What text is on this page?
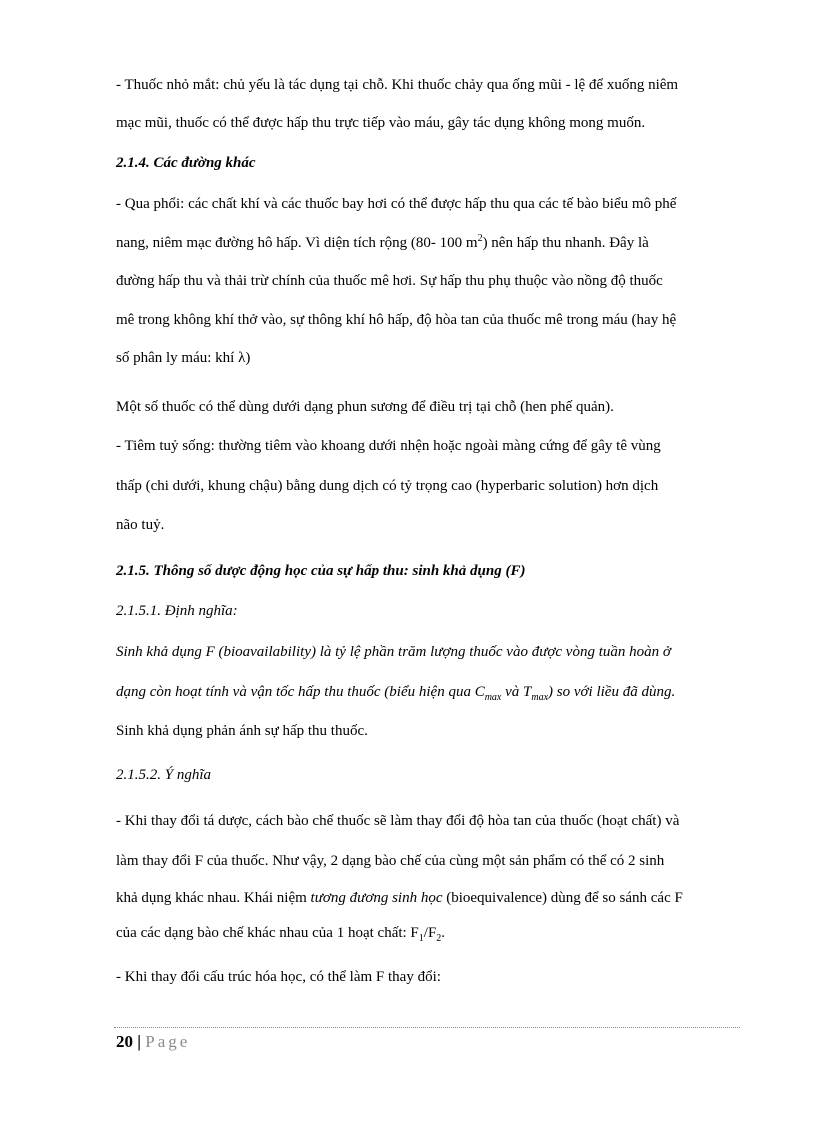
- Thuốc nhỏ mắt: chủ yếu là tác dụng tại chỗ. Khi thuốc chảy qua ống mũi - lệ để xuống niêm
mạc mũi, thuốc có thể được hấp thu trực tiếp vào máu, gây tác dụng không mong muốn.
2.1.4. Các đường khác
- Qua phổi: các chất khí và các thuốc bay hơi có thể được hấp thu qua các tế bào biểu mô phế
nang, niêm mạc đường hô hấp. Vì diện tích rộng (80- 100 $m^2$) nên hấp thu nhanh. Đây là
đường hấp thu và thải trừ chính của thuốc mê hơi. Sự hấp thu phụ thuộc vào nồng độ thuốc
mê trong không khí thở vào, sự thông khí hô hấp, độ hòa tan của thuốc mê trong máu (hay hệ
số phân ly máu: khí λ)
Một số thuốc có thể dùng dưới dạng phun sương để điều trị tại chỗ (hen phế quản).
- Tiêm tuỷ sống: thường tiêm vào khoang dưới nhện hoặc ngoài màng cứng để gây tê vùng
thấp (chi dưới, khung chậu) bằng dung dịch có tỷ trọng cao (hyperbaric solution) hơn dịch
não tuỷ.
2.1.5. Thông số dược động học của sự hấp thu: sinh khả dụng (F)
2.1.5.1. Định nghĩa:
Sinh khả dụng F (bioavailability) là tỷ lệ phần trăm lượng thuốc vào được vòng tuần hoàn ở
dạng còn hoạt tính và vận tốc hấp thu thuốc (biểu hiện qua $C_{max}$ và $T_{max}$) so với liều đã dùng.
Sinh khả dụng phản ánh sự hấp thu thuốc.
2.1.5.2. Ý nghĩa
- Khi thay đổi tá dược, cách bào chế thuốc sẽ làm thay đổi độ hòa tan của thuốc (hoạt chất) và
làm thay đổi F của thuốc. Như vậy, 2 dạng bào chế của cùng một sản phẩm có thể có 2 sinh
khả dụng khác nhau. Khái niệm tương đương sinh học (bioequivalence) dùng để so sánh các F
của các dạng bào chế khác nhau của 1 hoạt chất: $F_1/F_2$.
- Khi thay đổi cấu trúc hóa học, có thể làm F thay đổi:
20 | Page
